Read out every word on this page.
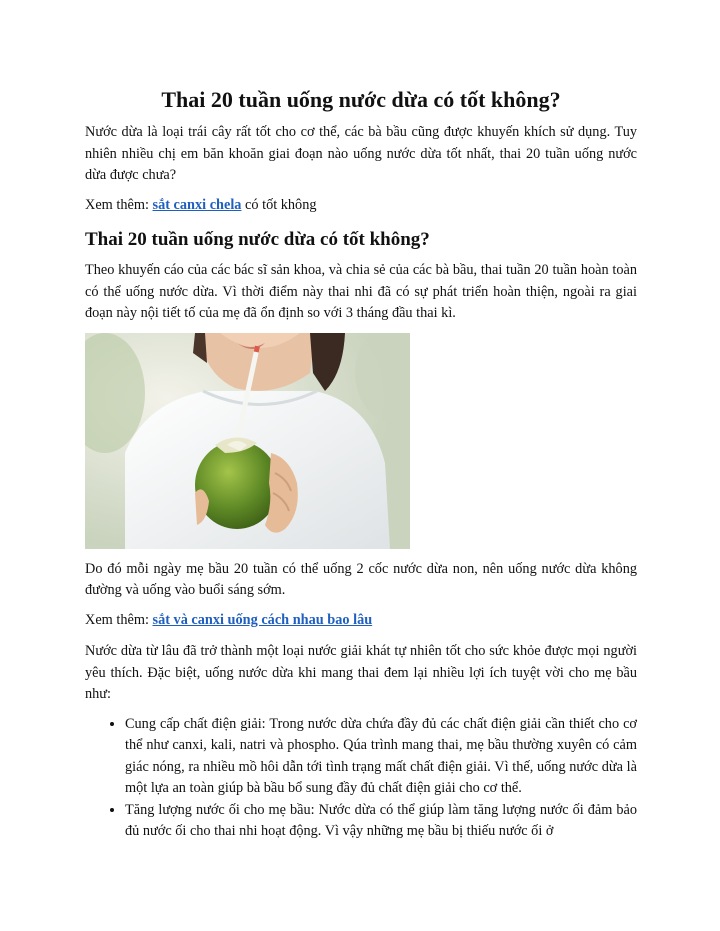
Thai 20 tuần uống nước dừa có tốt không?

Nước dừa là loại trái cây rất tốt cho cơ thể, các bà bầu cũng được khuyến khích sử dụng. Tuy nhiên nhiều chị em băn khoăn giai đoạn nào uống nước dừa tốt nhất, thai 20 tuần uống nước dừa được chưa?

Xem thêm: sắt canxi chela có tốt không

Thai 20 tuần uống nước dừa có tốt không?

Theo khuyến cáo của các bác sĩ sản khoa, và chia sẻ của các bà bầu, thai tuần 20 tuần hoàn toàn có thể uống nước dừa. Vì thời điểm này thai nhi đã có sự phát triển hoàn thiện, ngoài ra giai đoạn này nội tiết tố của mẹ đã ổn định so với 3 tháng đầu thai kì.

Do đó mỗi ngày mẹ bầu 20 tuần có thể uống 2 cốc nước dừa non, nên uống nước dừa không đường và uống vào buổi sáng sớm.

Xem thêm: sắt và canxi uống cách nhau bao lâu

Nước dừa từ lâu đã trở thành một loại nước giải khát tự nhiên tốt cho sức khỏe được mọi người yêu thích. Đặc biệt, uống nước dừa khi mang thai đem lại nhiều lợi ích tuyệt vời cho mẹ bầu như:

• Cung cấp chất điện giải: Trong nước dừa chứa đầy đủ các chất điện giải cần thiết cho cơ thể như canxi, kali, natri và phospho. Qúa trình mang thai, mẹ bầu thường xuyên có cảm giác nóng, ra nhiều mồ hôi dẫn tới tình trạng mất chất điện giải. Vì thế, uống nước dừa là một lựa an toàn giúp bà bầu bổ sung đầy đủ chất điện giải cho cơ thể.
• Tăng lượng nước ối cho mẹ bầu: Nước dừa có thể giúp làm tăng lượng nước ối đảm bảo đủ nước ối cho thai nhi hoạt động. Vì vậy những mẹ bầu bị thiếu nước ối ở
